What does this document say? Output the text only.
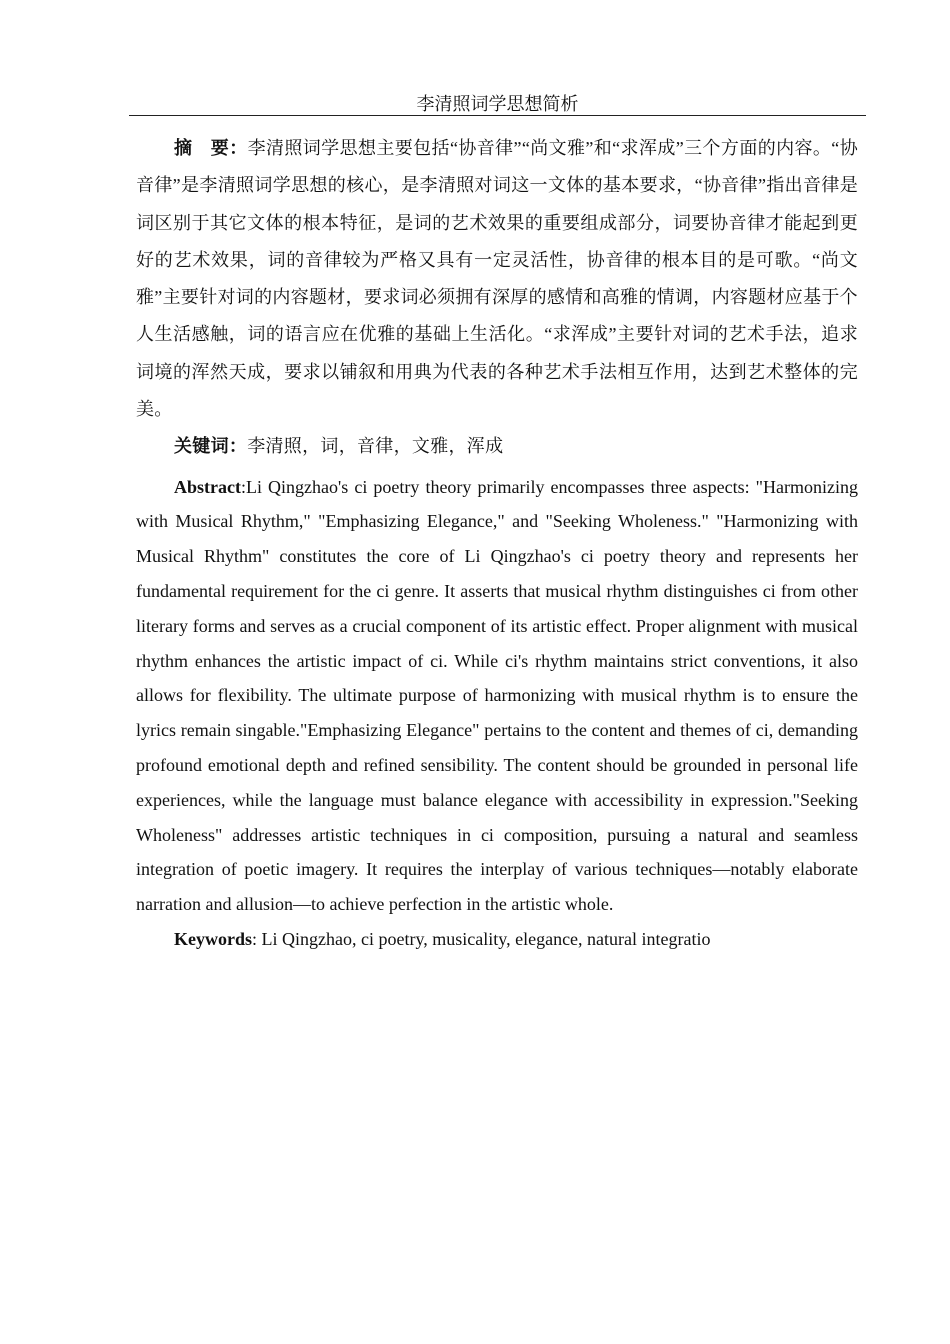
李清照词学思想简析

摘　要：李清照词学思想主要包括“协音律”“尚文雅”和“求浑成”三个方面的内容。“协音律”是李清照词学思想的核心，是李清照对词这一文体的基本要求，“协音律”指出音律是词区别于其它文体的根本特征，是词的艺术效果的重要组成部分，词要协音律才能起到更好的艺术效果，词的音律较为严格又具有一定灵活性，协音律的根本目的是可歌。“尚文雅”主要针对词的内容题材，要求词必须拥有深厚的感情和高雅的情调，内容题材应基于个人生活感触，词的语言应在优雅的基础上生活化。“求浑成”主要针对词的艺术手法，追求词境的浑然天成，要求以铺叙和用典为代表的各种艺术手法相互作用，达到艺术整体的完美。

关键词：李清照，词，音律，文雅，浑成

Abstract:Li Qingzhao's ci poetry theory primarily encompasses three aspects: "Harmonizing with Musical Rhythm," "Emphasizing Elegance," and "Seeking Wholeness." "Harmonizing with Musical Rhythm" constitutes the core of Li Qingzhao's ci poetry theory and represents her fundamental requirement for the ci genre. It asserts that musical rhythm distinguishes ci from other literary forms and serves as a crucial component of its artistic effect. Proper alignment with musical rhythm enhances the artistic impact of ci. While ci's rhythm maintains strict conventions, it also allows for flexibility. The ultimate purpose of harmonizing with musical rhythm is to ensure the lyrics remain singable."Emphasizing Elegance" pertains to the content and themes of ci, demanding profound emotional depth and refined sensibility. The content should be grounded in personal life experiences, while the language must balance elegance with accessibility in expression."Seeking Wholeness" addresses artistic techniques in ci composition, pursuing a natural and seamless integration of poetic imagery. It requires the interplay of various techniques—notably elaborate narration and allusion—to achieve perfection in the artistic whole.

Keywords: Li Qingzhao, ci poetry, musicality, elegance, natural integratio
